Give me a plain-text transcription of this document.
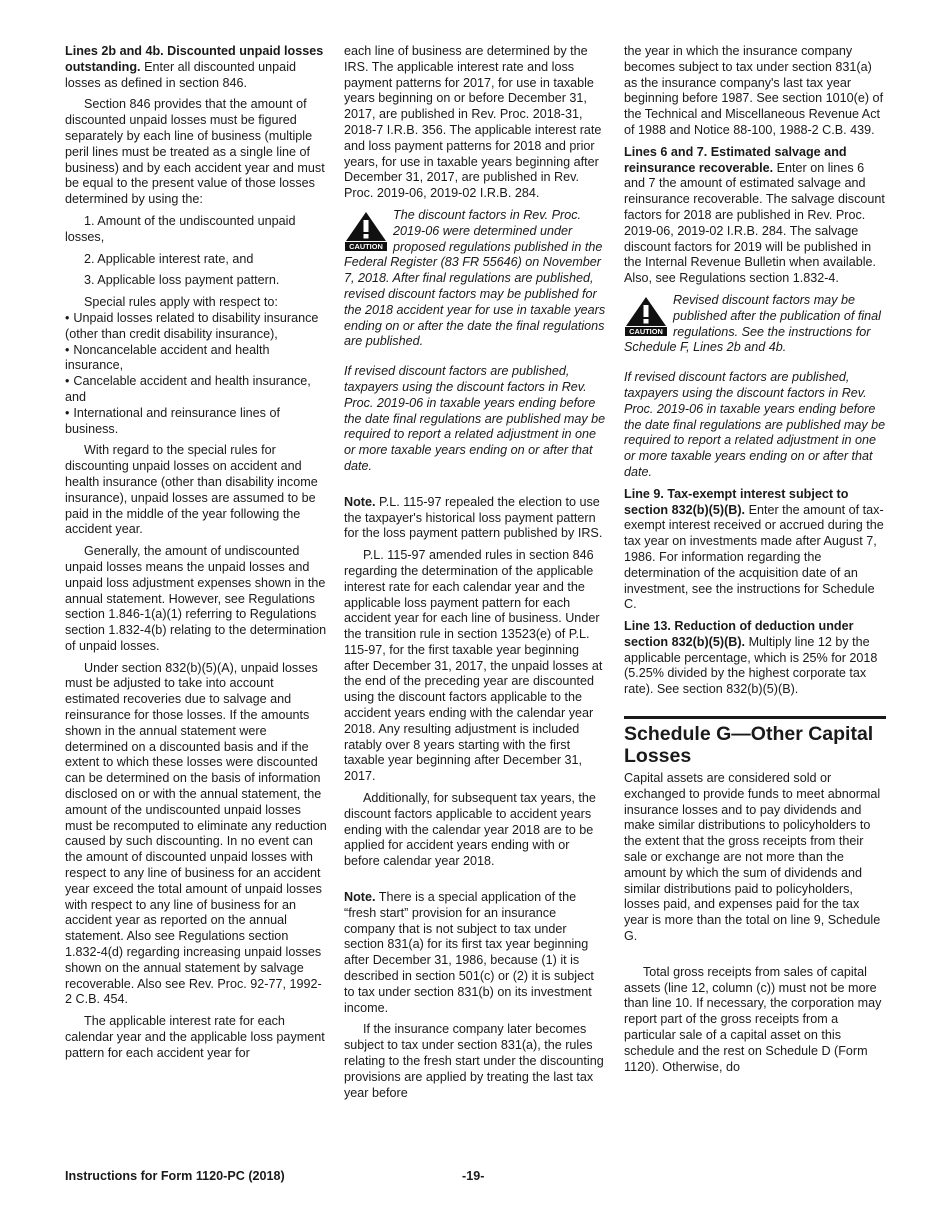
Lines 2b and 4b. Discounted unpaid losses outstanding. Enter all discounted unpaid losses as defined in section 846.

Section 846 provides that the amount of discounted unpaid losses must be figured separately by each line of business (multiple peril lines must be treated as a single line of business) and by each accident year and must be equal to the present value of those losses determined by using the:

1. Amount of the undiscounted unpaid losses,

2. Applicable interest rate, and

3. Applicable loss payment pattern.

Special rules apply with respect to:

• Unpaid losses related to disability insurance (other than credit disability insurance),
• Noncancelable accident and health insurance,
• Cancelable accident and health insurance, and
• International and reinsurance lines of business.

With regard to the special rules for discounting unpaid losses on accident and health insurance (other than disability income insurance), unpaid losses are assumed to be paid in the middle of the year following the accident year.

Generally, the amount of undiscounted unpaid losses means the unpaid losses and unpaid loss adjustment expenses shown in the annual statement. However, see Regulations section 1.846-1(a)(1) referring to Regulations section 1.832-4(b) relating to the determination of unpaid losses.

Under section 832(b)(5)(A), unpaid losses must be adjusted to take into account estimated recoveries due to salvage and reinsurance for those losses. If the amounts shown in the annual statement were determined on a discounted basis and if the extent to which these losses were discounted can be determined on the basis of information disclosed on or with the annual statement, the amount of the undiscounted unpaid losses must be recomputed to eliminate any reduction caused by such discounting. In no event can the amount of discounted unpaid losses with respect to any line of business for an accident year exceed the total amount of unpaid losses with respect to any line of business for an accident year as reported on the annual statement. Also see Regulations section 1.832-4(d) regarding increasing unpaid losses shown on the annual statement by salvage recoverable. Also see Rev. Proc. 92-77, 1992-2 C.B. 454.

The applicable interest rate for each calendar year and the applicable loss payment pattern for each accident year for

each line of business are determined by the IRS. The applicable interest rate and loss payment patterns for 2017, for use in taxable years beginning on or before December 31, 2017, are published in Rev. Proc. 2018-31, 2018-7 I.R.B. 356. The applicable interest rate and loss payment patterns for 2018 and prior years, for use in taxable years beginning after December 31, 2017, are published in Rev. Proc. 2019-06, 2019-02 I.R.B. 284.

CAUTION
The discount factors in Rev. Proc. 2019-06 were determined under proposed regulations published in the Federal Register (83 FR 55646) on November 7, 2018. After final regulations are published, revised discount factors may be published for the 2018 accident year for use in taxable years ending on or after the date the final regulations are published.

If revised discount factors are published, taxpayers using the discount factors in Rev. Proc. 2019-06 in taxable years ending before the date final regulations are published may be required to report a related adjustment in one or more taxable years ending on or after that date.

Note. P.L. 115-97 repealed the election to use the taxpayer's historical loss payment pattern for the loss payment pattern published by IRS.

P.L. 115-97 amended rules in section 846 regarding the determination of the applicable interest rate for each calendar year and the applicable loss payment pattern for each accident year for each line of business. Under the transition rule in section 13523(e) of P.L. 115-97, for the first taxable year beginning after December 31, 2017, the unpaid losses at the end of the preceding year are discounted using the discount factors applicable to the accident years ending with the calendar year 2018. Any resulting adjustment is included ratably over 8 years starting with the first taxable year beginning after December 31, 2017.

Additionally, for subsequent tax years, the discount factors applicable to accident years ending with the calendar year 2018 are to be applied for accident years ending with or before calendar year 2018.

Note. There is a special application of the “fresh start” provision for an insurance company that is not subject to tax under section 831(a) for its first tax year beginning after December 31, 1986, because (1) it is described in section 501(c) or (2) it is subject to tax under section 831(b) on its investment income.

If the insurance company later becomes subject to tax under section 831(a), the rules relating to the fresh start under the discounting provisions are applied by treating the last tax year before

the year in which the insurance company becomes subject to tax under section 831(a) as the insurance company's last tax year beginning before 1987. See section 1010(e) of the Technical and Miscellaneous Revenue Act of 1988 and Notice 88-100, 1988-2 C.B. 439.

Lines 6 and 7. Estimated salvage and reinsurance recoverable. Enter on lines 6 and 7 the amount of estimated salvage and reinsurance recoverable. The salvage discount factors for 2018 are published in Rev. Proc. 2019-06, 2019-02 I.R.B. 284. The salvage discount factors for 2019 will be published in the Internal Revenue Bulletin when available. Also, see Regulations section 1.832-4.

CAUTION
Revised discount factors may be published after the publication of final regulations. See the instructions for Schedule F, Lines 2b and 4b.

If revised discount factors are published, taxpayers using the discount factors in Rev. Proc. 2019-06 in taxable years ending before the date final regulations are published may be required to report a related adjustment in one or more taxable years ending on or after that date.

Line 9. Tax-exempt interest subject to section 832(b)(5)(B). Enter the amount of tax-exempt interest received or accrued during the tax year on investments made after August 7, 1986. For information regarding the determination of the acquisition date of an investment, see the instructions for Schedule C.

Line 13. Reduction of deduction under section 832(b)(5)(B). Multiply line 12 by the applicable percentage, which is 25% for 2018 (5.25% divided by the highest corporate tax rate). See section 832(b)(5)(B).

Schedule G—Other Capital Losses

Capital assets are considered sold or exchanged to provide funds to meet abnormal insurance losses and to pay dividends and make similar distributions to policyholders to the extent that the gross receipts from their sale or exchange are not more than the amount by which the sum of dividends and similar distributions paid to policyholders, losses paid, and expenses paid for the tax year is more than the total on line 9, Schedule G.

Total gross receipts from sales of capital assets (line 12, column (c)) must not be more than line 10. If necessary, the corporation may report part of the gross receipts from a particular sale of a capital asset on this schedule and the rest on Schedule D (Form 1120). Otherwise, do

Instructions for Form 1120-PC (2018)	-19-
